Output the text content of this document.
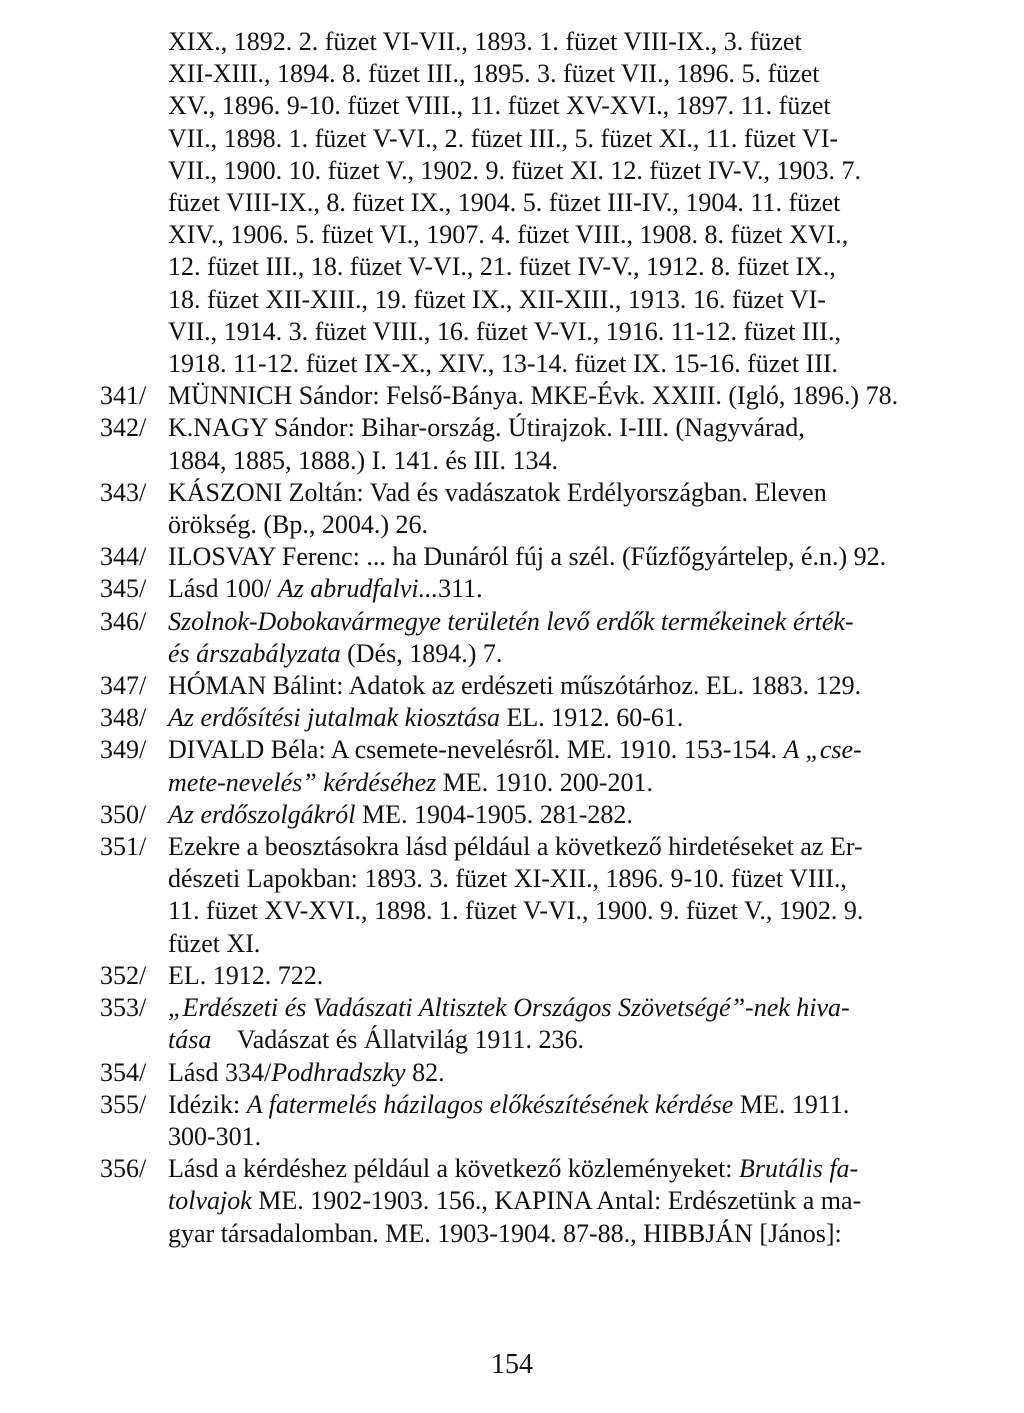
XIX., 1892. 2. füzet VI-VII., 1893. 1. füzet VIII-IX., 3. füzet
XII-XIII., 1894. 8. füzet III., 1895. 3. füzet VII., 1896. 5. füzet
XV., 1896. 9-10. füzet VIII., 11. füzet XV-XVI., 1897. 11. füzet
VII., 1898. 1. füzet V-VI., 2. füzet III., 5. füzet XI., 11. füzet VI-
VII., 1900. 10. füzet V., 1902. 9. füzet XI. 12. füzet IV-V., 1903. 7.
füzet VIII-IX., 8. füzet IX., 1904. 5. füzet III-IV., 1904. 11. füzet
XIV., 1906. 5. füzet VI., 1907. 4. füzet VIII., 1908. 8. füzet XVI.,
12. füzet III., 18. füzet V-VI., 21. füzet IV-V., 1912. 8. füzet IX.,
18. füzet XII-XIII., 19. füzet IX., XII-XIII., 1913. 16. füzet VI-
VII., 1914. 3. füzet VIII., 16. füzet V-VI., 1916. 11-12. füzet III.,
1918. 11-12. füzet IX-X., XIV., 13-14. füzet IX. 15-16. füzet III.
341/ MÜNNICH Sándor: Felső-Bánya. MKE-Évk. XXIII. (Igló, 1896.) 78.
342/ K.NAGY Sándor: Bihar-ország. Útirajzok. I-III. (Nagyvárad,
1884, 1885, 1888.) I. 141. és III. 134.
343/ KÁSZONI Zoltán: Vad és vadászatok Erdélyországban. Eleven
örökség. (Bp., 2004.) 26.
344/ ILOSVAY Ferenc: ... ha Dunáról fúj a szél. (Fűzfőgyártelep, é.n.) 92.
345/ Lásd 100/ Az abrudfalvi...311.
346/ Szolnok-Dobokavármegye területén levő erdők termékeinek érték-
és árszabályzata (Dés, 1894.) 7.
347/ HÓMAN Bálint: Adatok az erdészeti műszótárhoz. EL. 1883. 129.
348/ Az erdősítési jutalmak kiosztása EL. 1912. 60-61.
349/ DIVALD Béla: A csemete-nevelésről. ME. 1910. 153-154. A „cse-
mete-nevelés” kérdéséhez ME. 1910. 200-201.
350/ Az erdőszolgákról ME. 1904-1905. 281-282.
351/ Ezekre a beosztásokra lásd például a következő hirdetéseket az Er-
dészeti Lapokban: 1893. 3. füzet XI-XII., 1896. 9-10. füzet VIII.,
11. füzet XV-XVI., 1898. 1. füzet V-VI., 1900. 9. füzet V., 1902. 9.
füzet XI.
352/ EL. 1912. 722.
353/ „Erdészeti és Vadászati Altisztek Országos Szövetségé”-nek hiva-
tása    Vadászat és Állatvilág 1911. 236.
354/ Lásd 334/Podhradszky 82.
355/ Idézik: A fatermelés házilagos előkészítésének kérdése ME. 1911.
300-301.
356/ Lásd a kérdéshez például a következő közleményeket: Brutális fa-
tolvajok ME. 1902-1903. 156., KAPINA Antal: Erdészetünk a ma-
gyar társadalomban. ME. 1903-1904. 87-88., HIBBJÁN [János]:
154
